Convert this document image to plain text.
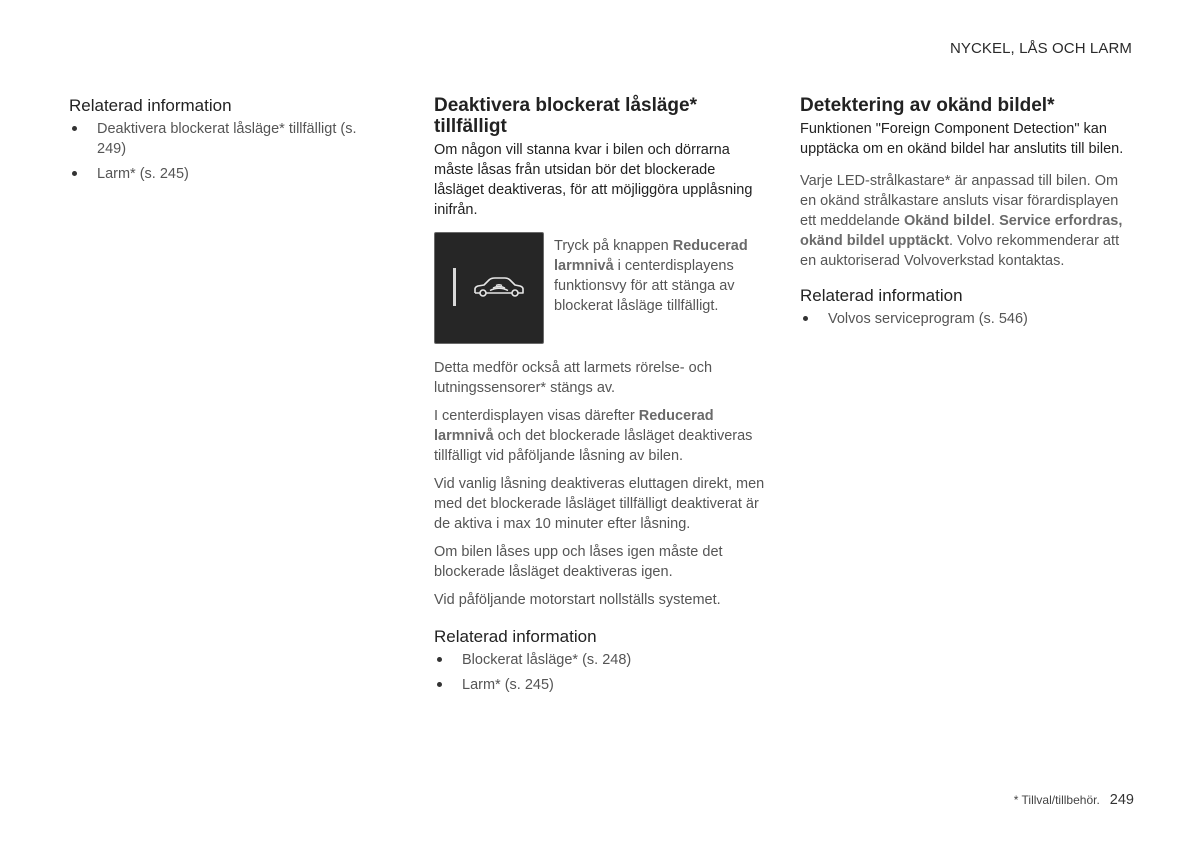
NYCKEL, LÅS OCH LARM
Relaterad information
Deaktivera blockerat låsläge* tillfälligt (s. 249)
Larm* (s. 245)
Deaktivera blockerat låsläge* tillfälligt

Om någon vill stanna kvar i bilen och dörrarna måste låsas från utsidan bör det blockerade låsläget deaktiveras, för att möjliggöra upplåsning inifrån.

Tryck på knappen Reducerad larmnivå i centerdisplayens funktionsvy för att stänga av blockerat låsläge tillfälligt.

Detta medför också att larmets rörelse- och lutningssensorer* stängs av.

I centerdisplayen visas därefter Reducerad larmnivå och det blockerade låsläget deaktiveras tillfälligt vid påföljande låsning av bilen.

Vid vanlig låsning deaktiveras eluttagen direkt, men med det blockerade låsläget tillfälligt deaktiverat är de aktiva i max 10 minuter efter låsning.

Om bilen låses upp och låses igen måste det blockerade låsläget deaktiveras igen.

Vid påföljande motorstart nollställs systemet.

Relaterad information
Blockerat låsläge* (s. 248)
Larm* (s. 245)
Detektering av okänd bildel*

Funktionen "Foreign Component Detection" kan upptäcka om en okänd bildel har anslutits till bilen.

Varje LED-strålkastare* är anpassad till bilen. Om en okänd strålkastare ansluts visar förardisplayen ett meddelande Okänd bildel. Service erfordras, okänd bildel upptäckt. Volvo rekommenderar att en auktoriserad Volvoverkstad kontaktas.

Relaterad information
Volvos serviceprogram (s. 546)
* Tillval/tillbehör. 249
